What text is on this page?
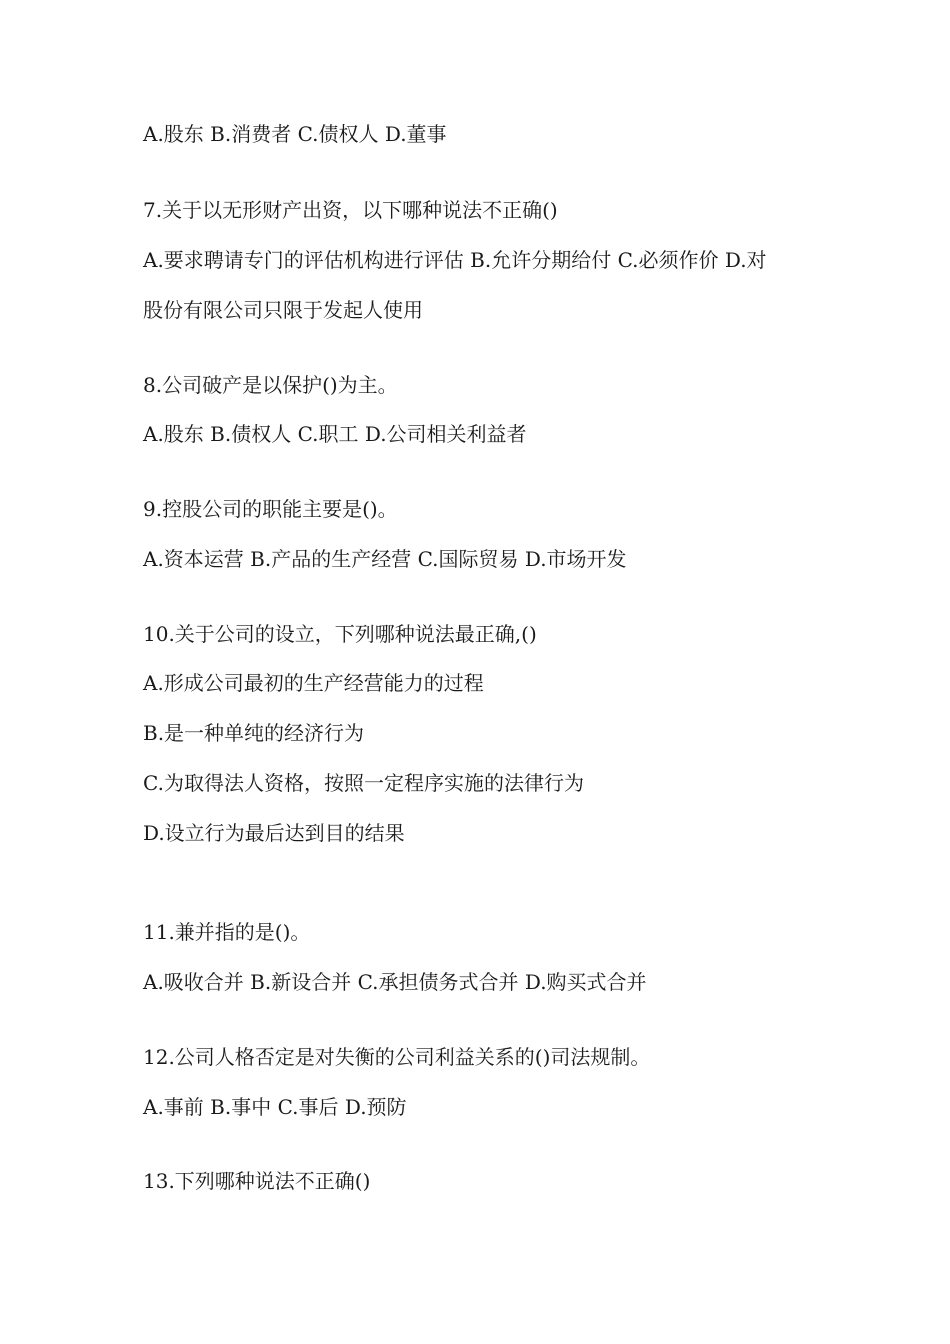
A.股东 B.消费者 C.债权人 D.董事

7.关于以无形财产出资，以下哪种说法不正确()

A.要求聘请专门的评估机构进行评估 B.允许分期给付 C.必须作价 D.对

股份有限公司只限于发起人使用

8.公司破产是以保护()为主。

A.股东 B.债权人 C.职工 D.公司相关利益者

9.控股公司的职能主要是()。

A.资本运营 B.产品的生产经营 C.国际贸易 D.市场开发

10.关于公司的设立，下列哪种说法最正确,()

A.形成公司最初的生产经营能力的过程

B.是一种单纯的经济行为

C.为取得法人资格，按照一定程序实施的法律行为

D.设立行为最后达到目的结果

11.兼并指的是()。

A.吸收合并 B.新设合并 C.承担债务式合并 D.购买式合并

12.公司人格否定是对失衡的公司利益关系的()司法规制。

A.事前 B.事中 C.事后 D.预防

13.下列哪种说法不正确()
